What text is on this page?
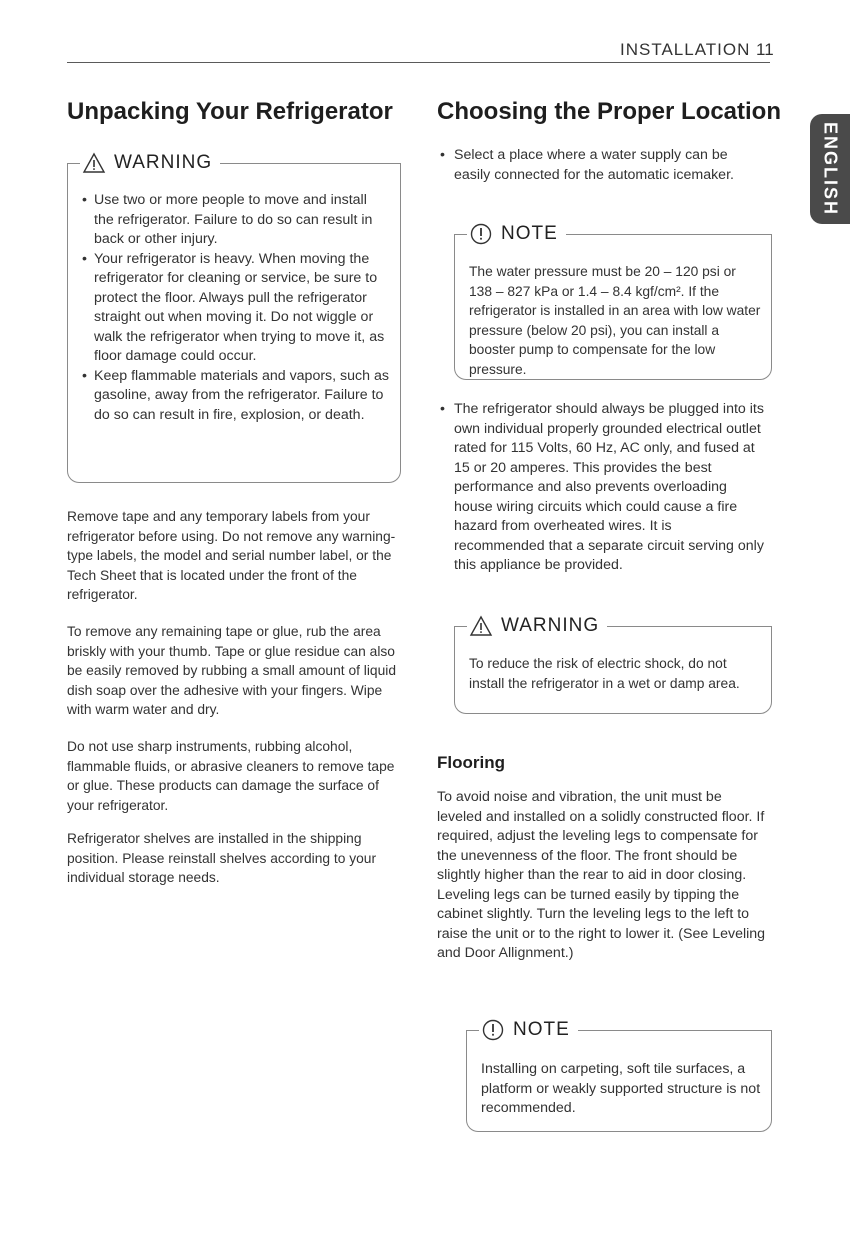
INSTALLATION 11
ENGLISH
Unpacking Your Refrigerator
WARNING
• Use two or more people to move and install the refrigerator. Failure to do so can result in back or other injury.
• Your refrigerator is heavy. When moving the refrigerator for cleaning or service, be sure to protect the floor. Always pull the refrigerator straight out when moving it. Do not wiggle or walk the refrigerator when trying to move it, as floor damage could occur.
• Keep flammable materials and vapors, such as gasoline, away from the refrigerator. Failure to do so can result in fire, explosion, or death.

Remove tape and any temporary labels from your refrigerator before using. Do not remove any warning-type labels, the model and serial number label, or the Tech Sheet that is located under the front of the refrigerator.

To remove any remaining tape or glue, rub the area briskly with your thumb. Tape or glue residue can also be easily removed by rubbing a small amount of liquid dish soap over the adhesive with your fingers. Wipe with warm water and dry.

Do not use sharp instruments, rubbing alcohol, flammable fluids, or abrasive cleaners to remove tape or glue. These products can damage the surface of your refrigerator.

Refrigerator shelves are installed in the shipping position. Please reinstall shelves according to your individual storage needs.

Choosing the Proper Location
• Select a place where a water supply can be easily connected for the automatic icemaker.
NOTE
The water pressure must be 20 – 120 psi or 138 – 827 kPa or 1.4 – 8.4 kgf/cm². If the refrigerator is installed in an area with low water pressure (below 20 psi), you can install a booster pump to compensate for the low pressure.
• The refrigerator should always be plugged into its own individual properly grounded electrical outlet rated for 115 Volts, 60 Hz, AC only, and fused at 15 or 20 amperes. This provides the best performance and also prevents overloading house wiring circuits which could cause a fire hazard from overheated wires. It is recommended that a separate circuit serving only this appliance be provided.
WARNING
To reduce the risk of electric shock, do not install the refrigerator in a wet or damp area.
Flooring

To avoid noise and vibration, the unit must be leveled and installed on a solidly constructed floor. If required, adjust the leveling legs to compensate for the unevenness of the floor. The front should be slightly higher than the rear to aid in door closing. Leveling legs can be turned easily by tipping the cabinet slightly. Turn the leveling legs to the left to raise the unit or to the right to lower it. (See Leveling and Door Allignment.)

NOTE
Installing on carpeting, soft tile surfaces, a platform or weakly supported structure is not recommended.
